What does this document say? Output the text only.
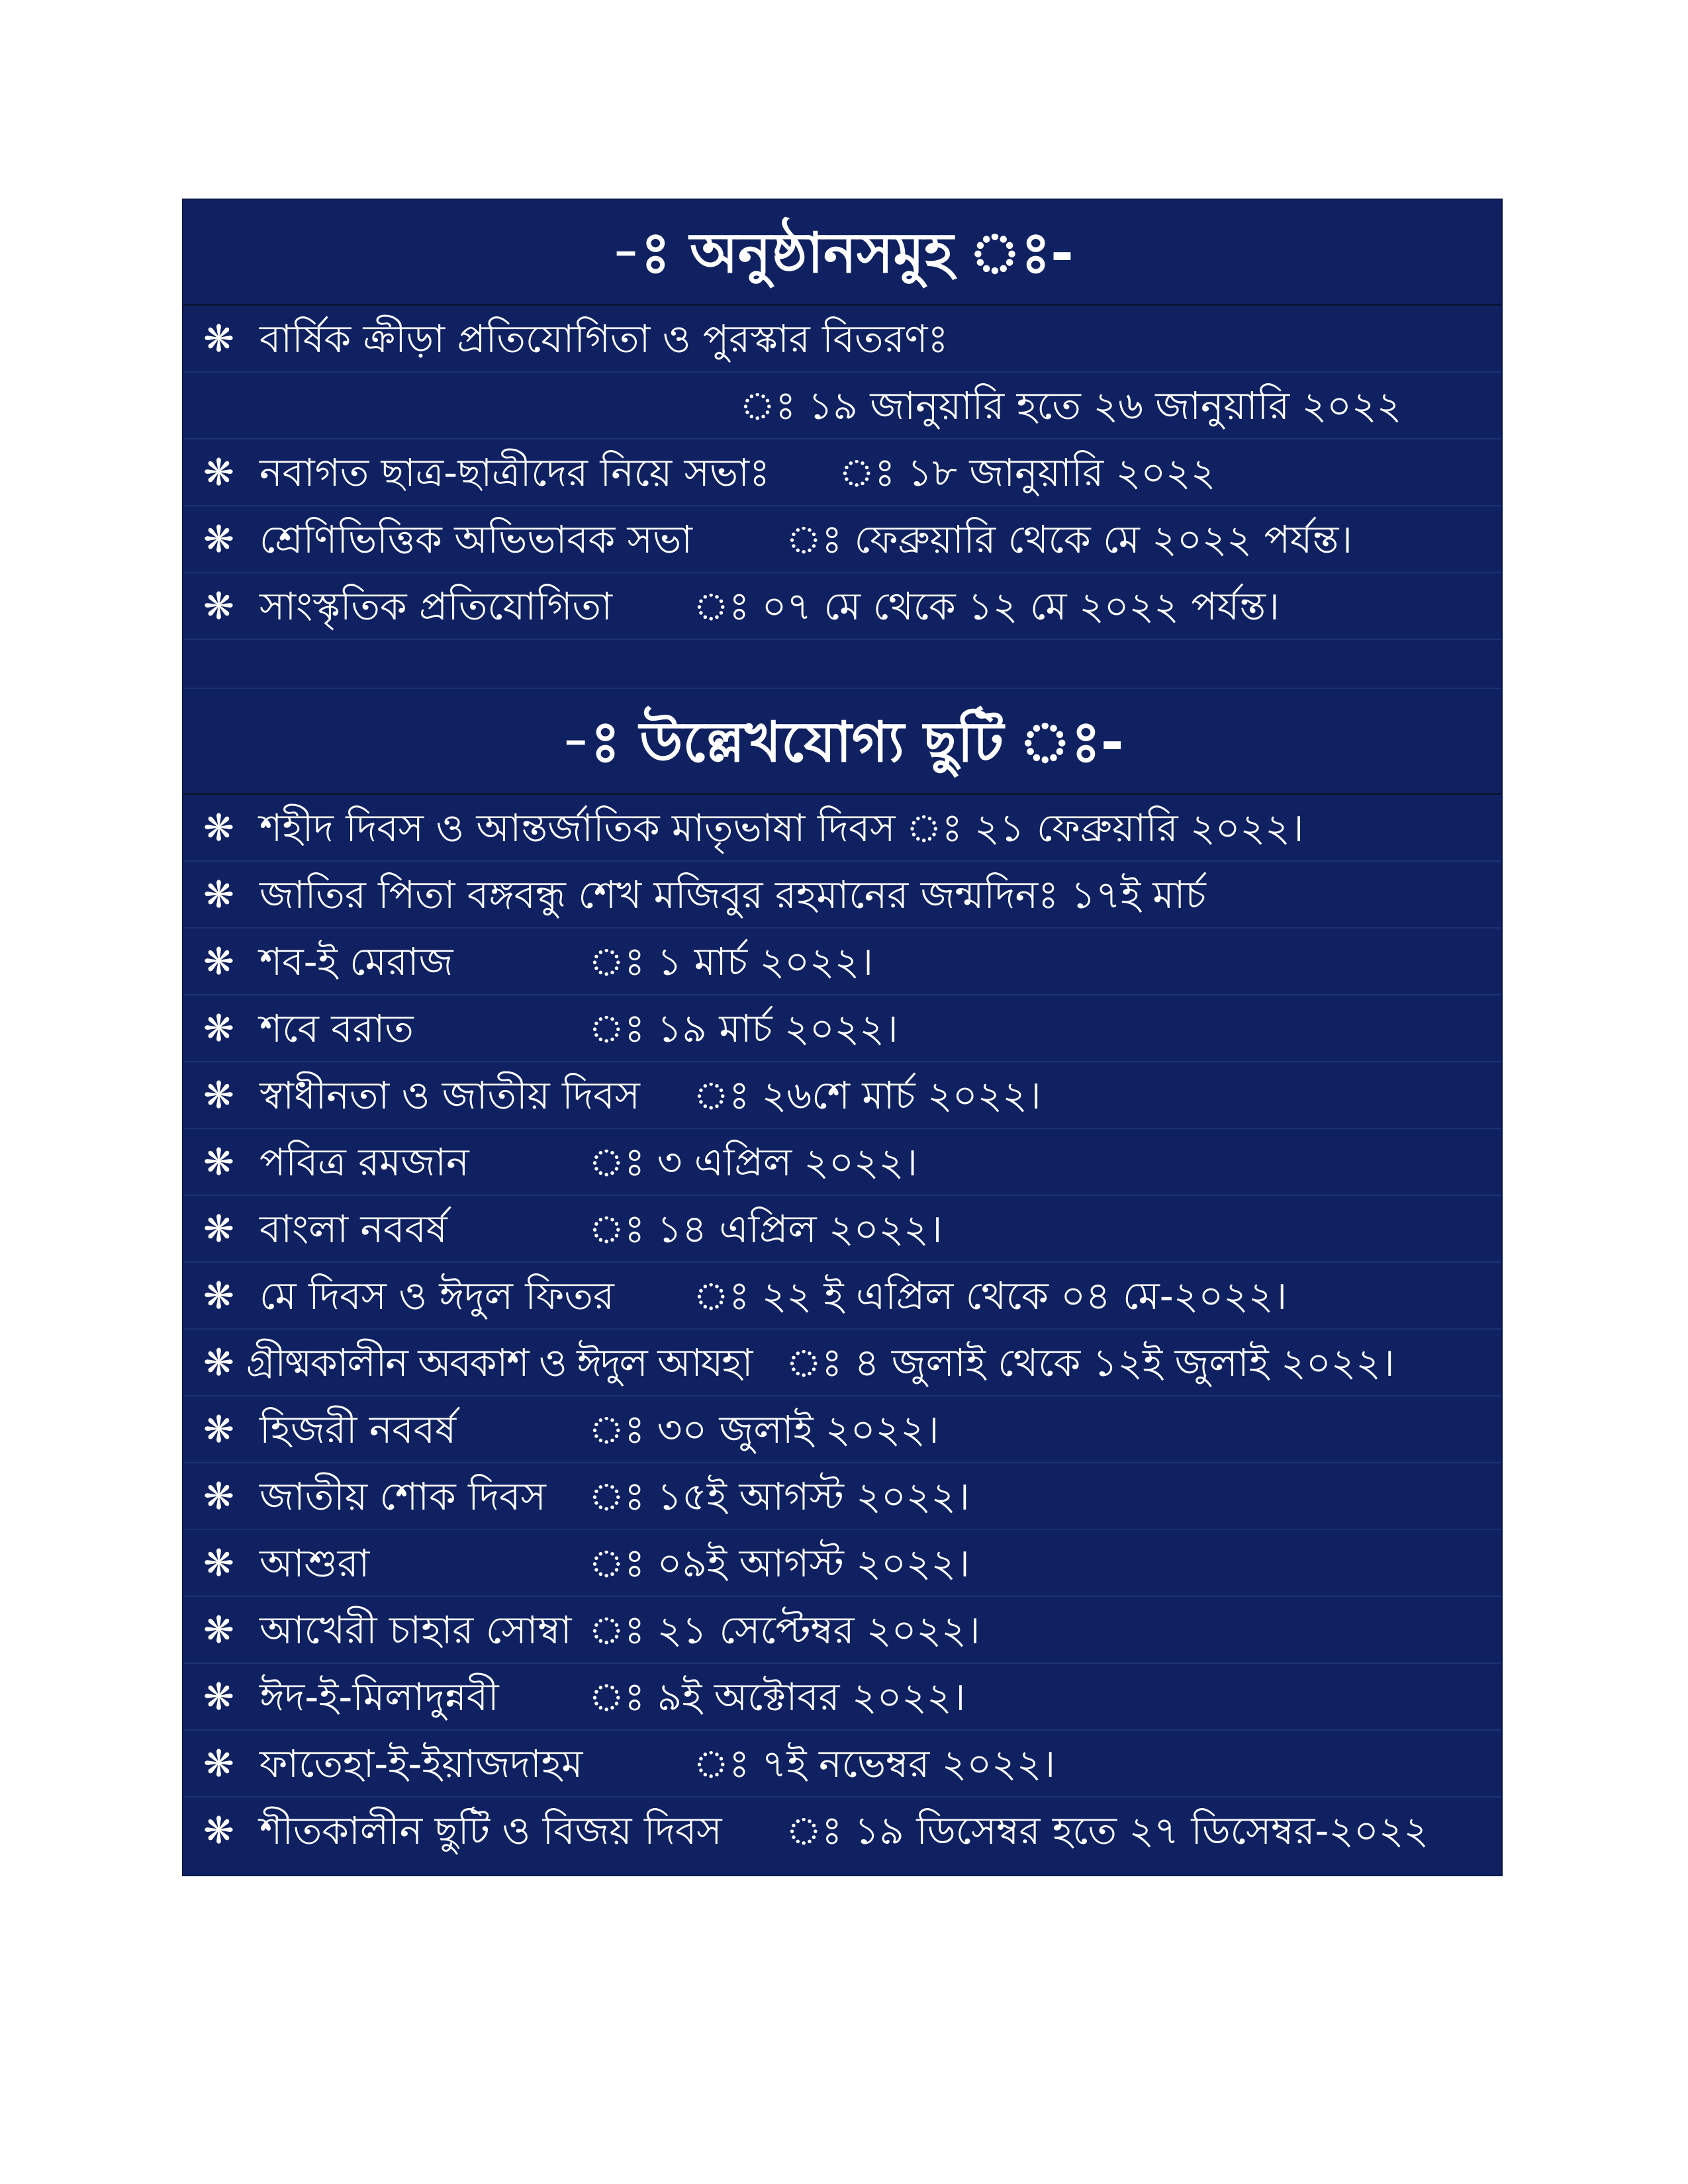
-ঃ অনুষ্ঠানসমুহ ঃ-
❋ বার্ষিক ক্রীড়া প্রতিযোগিতা ও পুরস্কার বিতরণঃ
ঃ ১৯ জানুয়ারি হতে ২৬ জানুয়ারি ২০২২
❋ নবাগত ছাত্র-ছাত্রীদের নিয়ে সভাঃ ঃ ১৮ জানুয়ারি ২০২২
❋ শ্রেণিভিত্তিক অভিভাবক সভা ঃ ফেব্রুয়ারি থেকে মে ২০২২ পর্যন্ত।
❋ সাংস্কৃতিক প্রতিযোগিতা ঃ ০৭ মে থেকে ১২ মে ২০২২ পর্যন্ত।
-ঃ উল্লেখযোগ্য ছুটি ঃ-
❋ শহীদ দিবস ও আন্তর্জাতিক মাতৃভাষা দিবস ঃ ২১ ফেব্রুয়ারি ২০২২।
❋ জাতির পিতা বঙ্গবন্ধু শেখ মজিবুর রহমানের জন্মদিনঃ ১৭ই মার্চ
❋ শব-ই মেরাজ	ঃ ১ মার্চ ২০২২।
❋ শবে বরাত	ঃ ১৯ মার্চ ২০২২।
❋ স্বাধীনতা ও জাতীয় দিবস ঃ ২৬শে মার্চ ২০২২।
❋ পবিত্র রমজান	ঃ ৩ এপ্রিল ২০২২।
❋ বাংলা নববর্ষ	ঃ ১৪ এপ্রিল ২০২২।
❋ মে দিবস ও ঈদুল ফিতর ঃ ২২ ই এপ্রিল থেকে ০৪ মে-২০২২।
❋ গ্রীষ্মকালীন অবকাশ ও ঈদুল আযহা ঃ ৪ জুলাই থেকে ১২ই জুলাই ২০২২।
❋ হিজরী নববর্ষ	ঃ ৩০ জুলাই ২০২২।
❋ জাতীয় শোক দিবস ঃ ১৫ই আগস্ট ২০২২।
❋ আশুরা	ঃ ০৯ই আগস্ট ২০২২।
❋ আখেরী চাহার সোম্বা ঃ ২১ সেপ্টেম্বর ২০২২।
❋ ঈদ-ই-মিলাদুন্নবী ঃ ৯ই অক্টোবর ২০২২।
❋ ফাতেহা-ই-ইয়াজদাহম	ঃ ৭ই নভেম্বর ২০২২।
❋ শীতকালীন ছুটি ও বিজয় দিবস ঃ ১৯ ডিসেম্বর হতে ২৭ ডিসেম্বর-২০২২
